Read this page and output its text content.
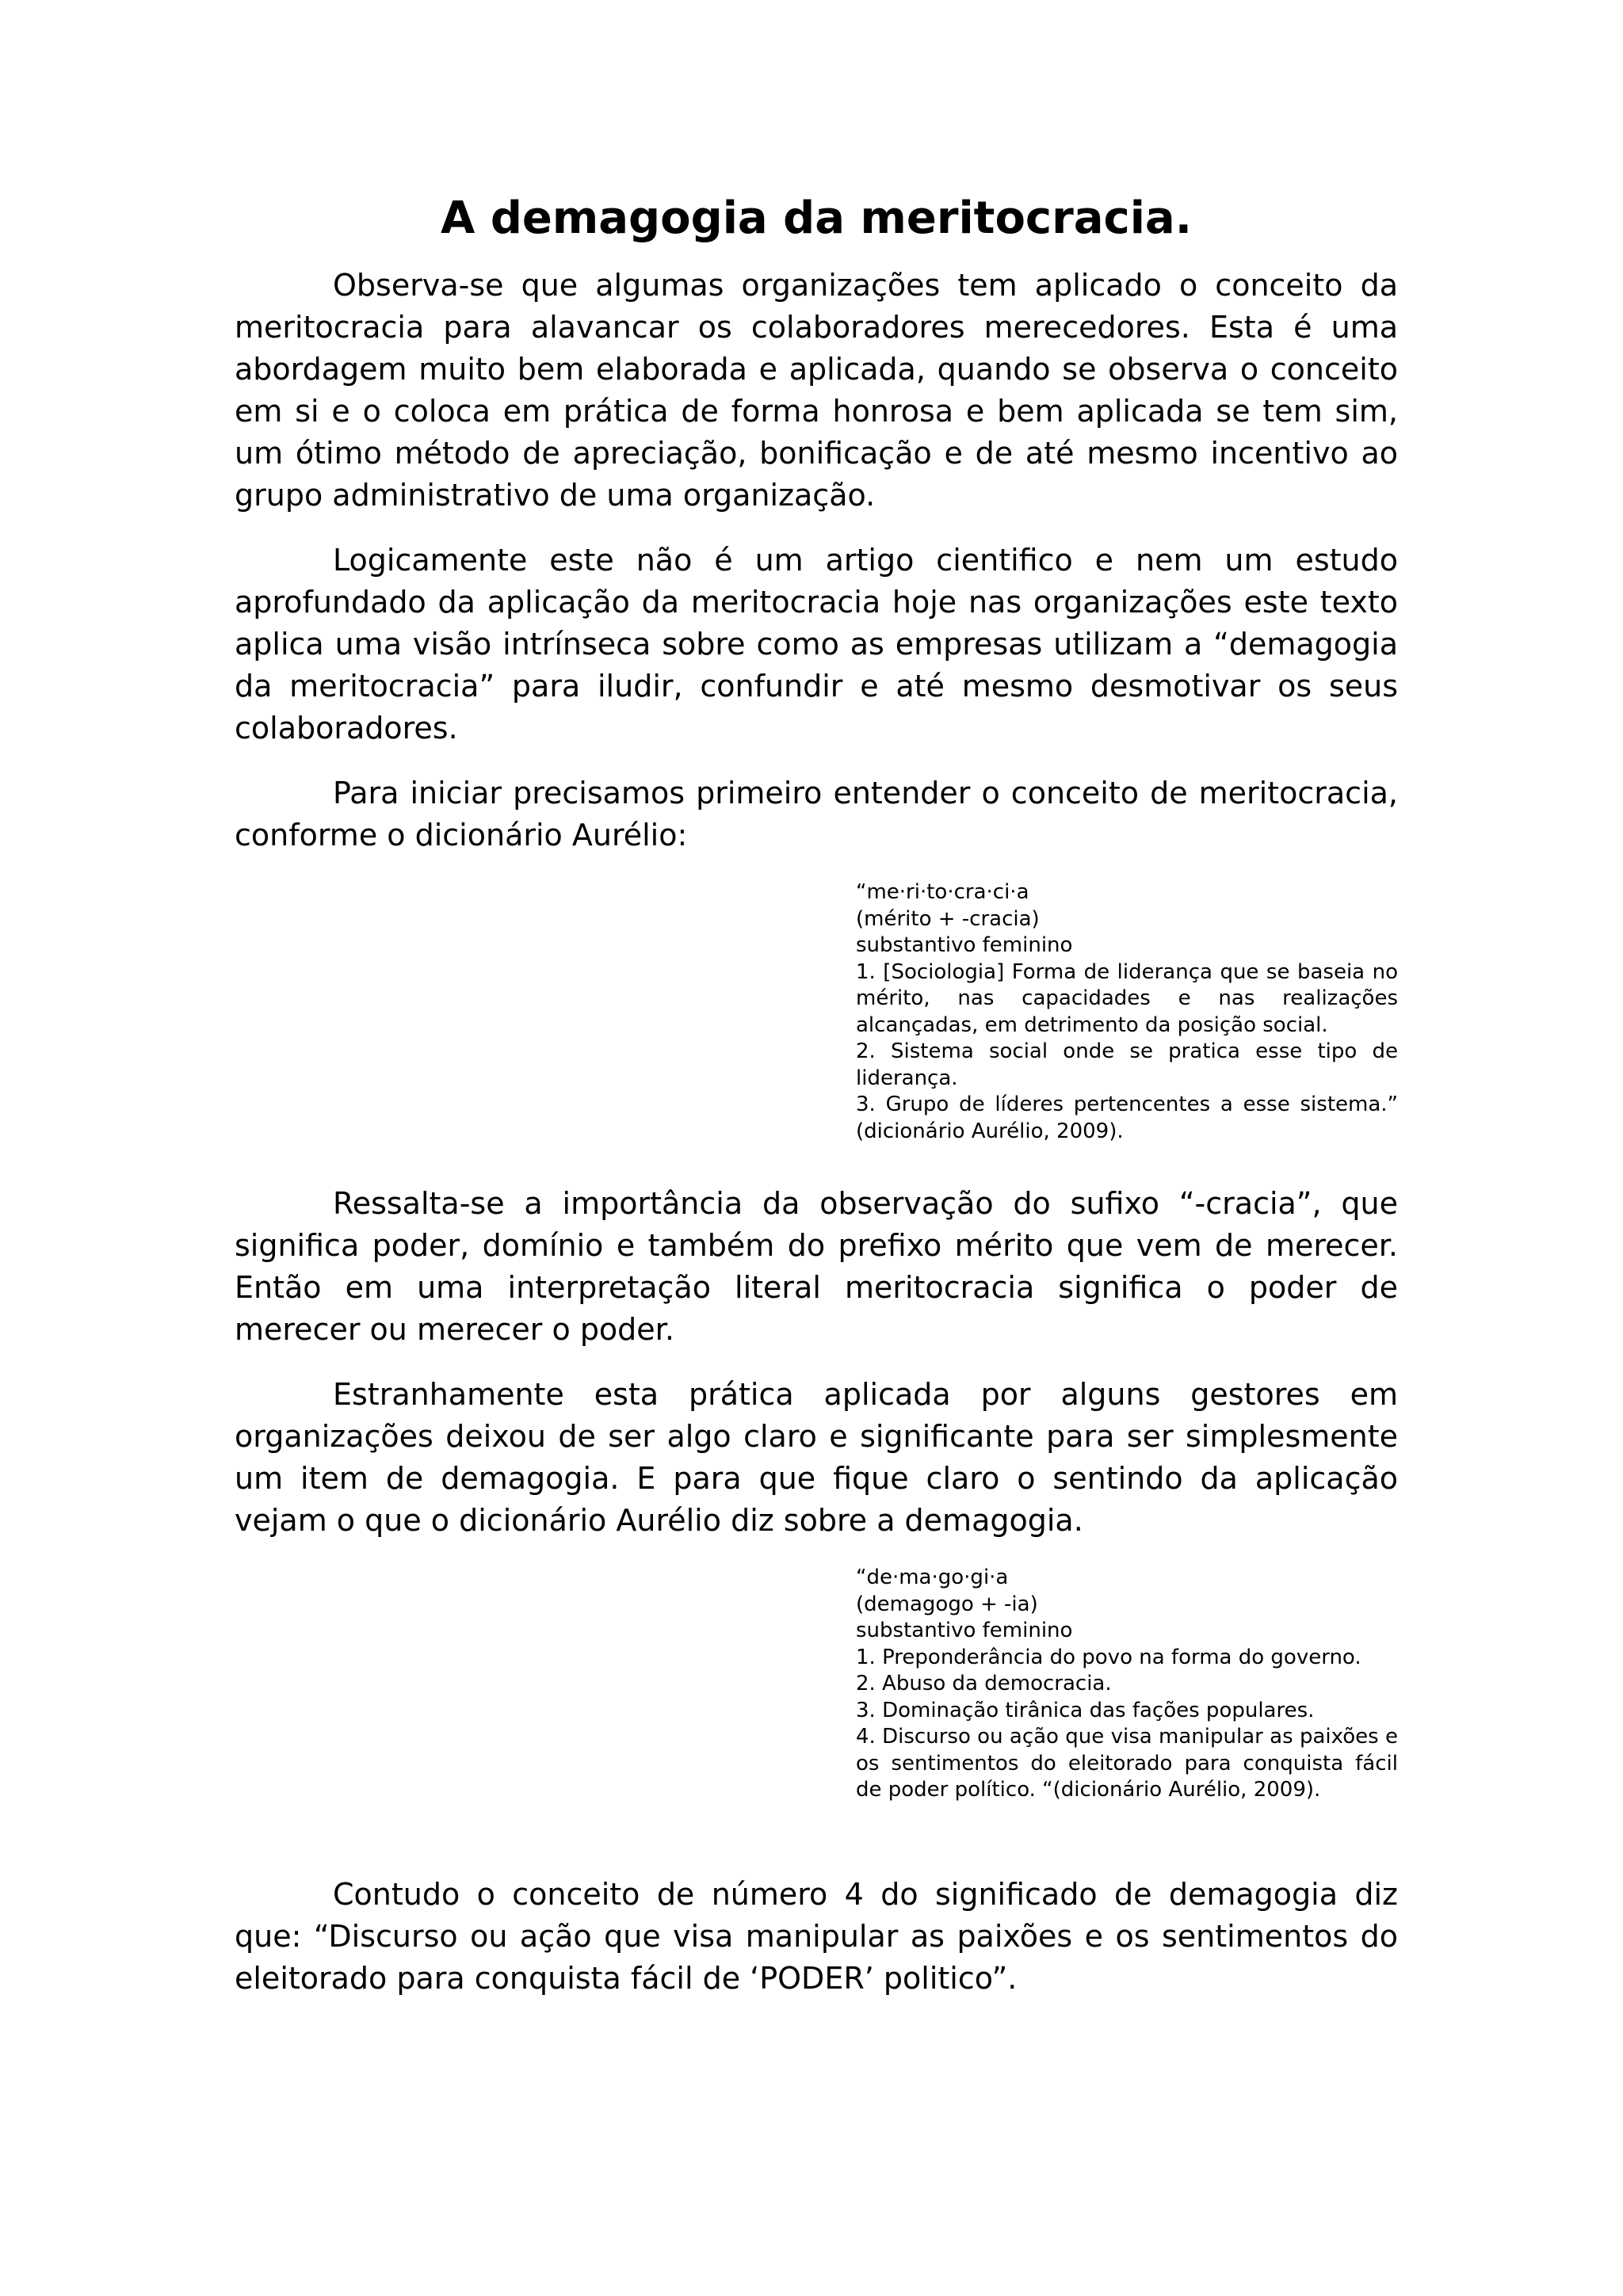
A demagogia da meritocracia.

Observa-se que algumas organizações tem aplicado o conceito da meritocracia para alavancar os colaboradores merecedores. Esta é uma abordagem muito bem elaborada e aplicada, quando se observa o conceito em si e o coloca em prática de forma honrosa e bem aplicada se tem sim, um ótimo método de apreciação, bonificação e de até mesmo incentivo ao grupo administrativo de uma organização.

Logicamente este não é um artigo cientifico e nem um estudo aprofundado da aplicação da meritocracia hoje nas organizações este texto aplica uma visão intrínseca sobre como as empresas utilizam a “demagogia da meritocracia” para iludir, confundir e até mesmo desmotivar os seus colaboradores.

Para iniciar precisamos primeiro entender o conceito de meritocracia, conforme o dicionário Aurélio:

“me·ri·to·cra·ci·a
(mérito + -cracia)
substantivo feminino
1. [Sociologia] Forma de liderança que se baseia no mérito, nas capacidades e nas realizações alcançadas, em detrimento da posição social.
2. Sistema social onde se pratica esse tipo de liderança.
3. Grupo de líderes pertencentes a esse sistema.” (dicionário Aurélio, 2009).

Ressalta-se a importância da observação do sufixo “-cracia”, que significa poder, domínio e também do prefixo mérito que vem de merecer. Então em uma interpretação literal meritocracia significa o poder de merecer ou merecer o poder.

Estranhamente esta prática aplicada por alguns gestores em organizações deixou de ser algo claro e significante para ser simplesmente um item de demagogia. E para que fique claro o sentindo da aplicação vejam o que o dicionário Aurélio diz sobre a demagogia.

“de·ma·go·gi·a
(demagogo + -ia)
substantivo feminino
1. Preponderância do povo na forma do governo.
2. Abuso da democracia.
3. Dominação tirânica das fações populares.
4. Discurso ou ação que visa manipular as paixões e os sentimentos do eleitorado para conquista fácil de poder político. “(dicionário Aurélio, 2009).

Contudo o conceito de número 4 do significado de demagogia diz que: “Discurso ou ação que visa manipular as paixões e os sentimentos do eleitorado para conquista fácil de ‘PODER’ politico”.
